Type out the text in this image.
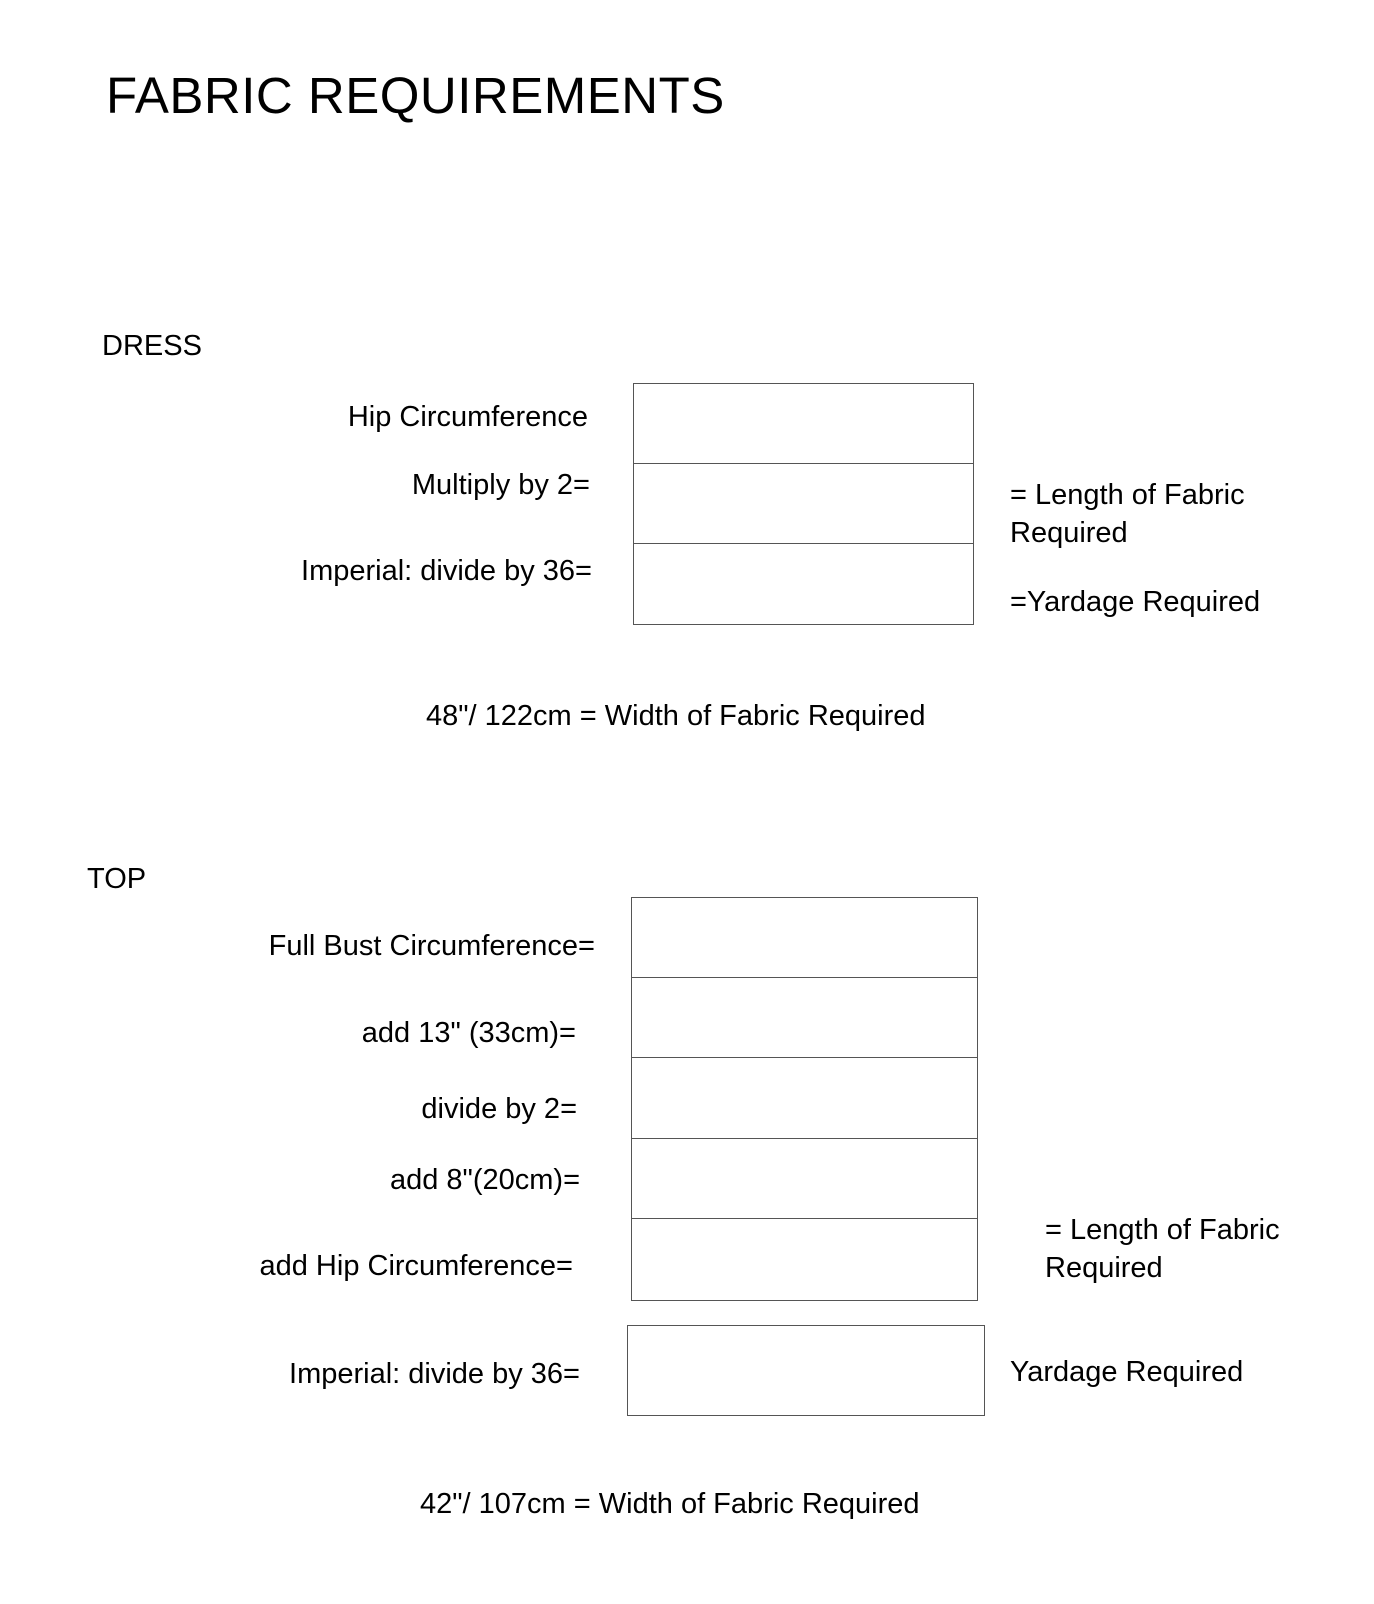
FABRIC REQUIREMENTS
DRESS
Hip Circumference
Multiply by 2=
Imperial: divide by 36=
= Length of Fabric
Required
=Yardage Required
48"/ 122cm = Width of Fabric Required
TOP
Full Bust Circumference=
add 13" (33cm)=
divide by 2=
add 8"(20cm)=
add Hip Circumference=
Imperial: divide by 36=
= Length of Fabric
Required
Yardage Required
42"/ 107cm = Width of Fabric Required
